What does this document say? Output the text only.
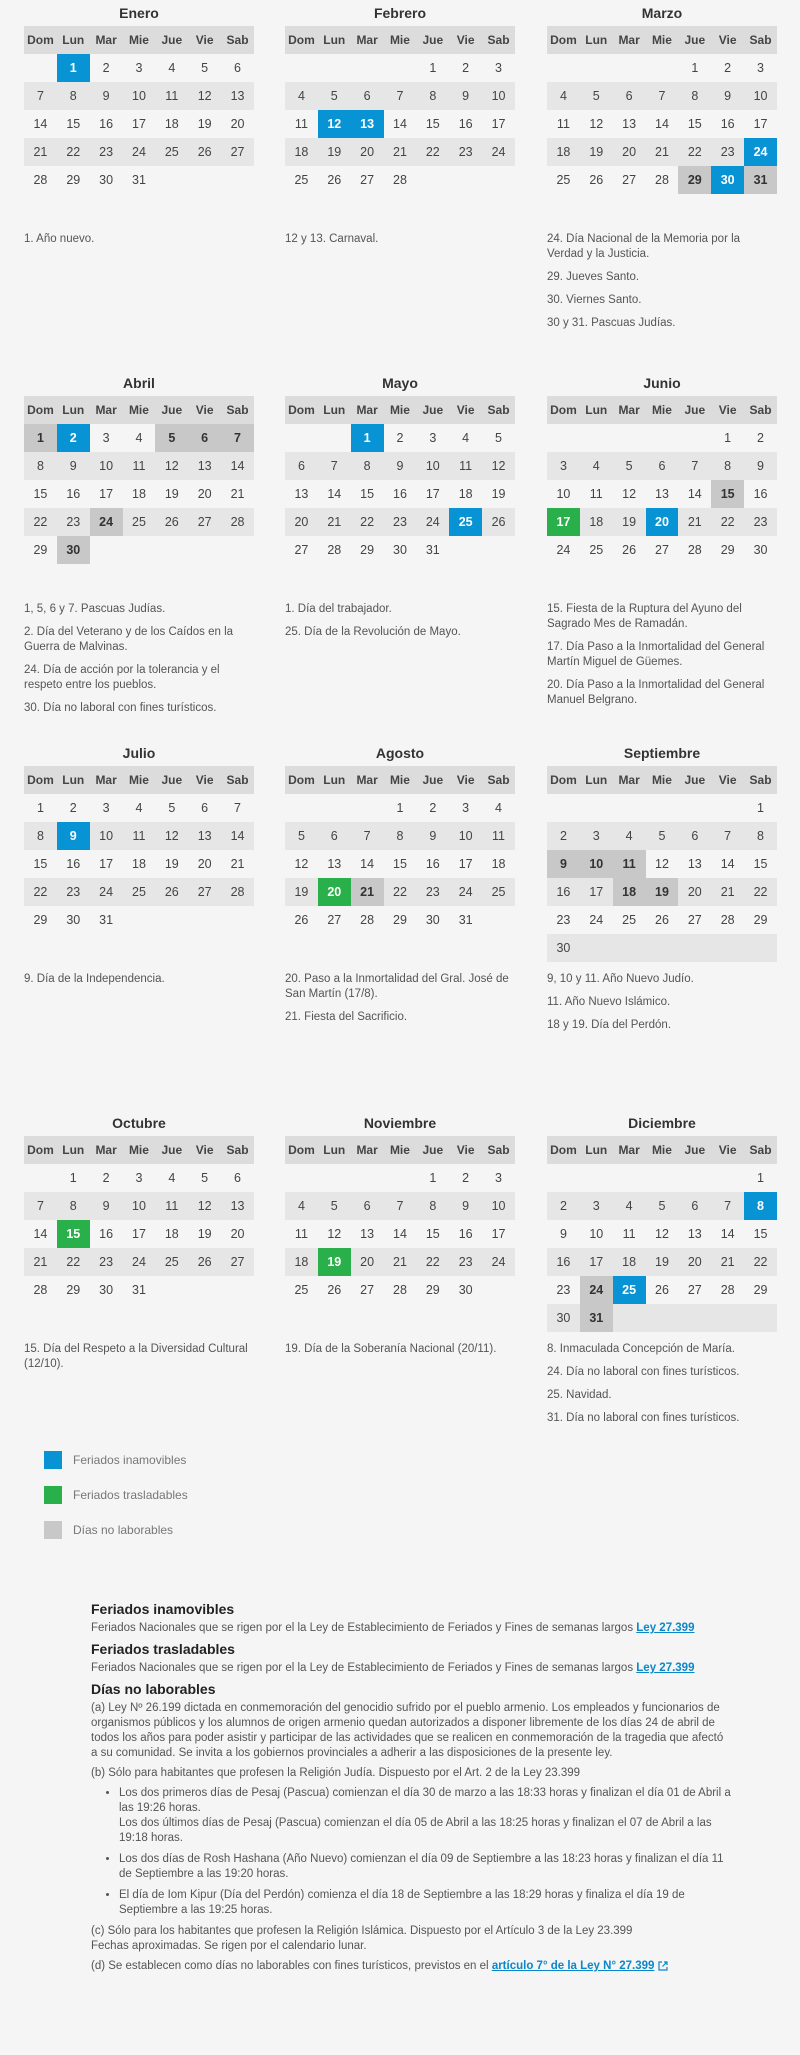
Enero
Dom	Lun	Mar	Mie	Jue	Vie	Sab
	1	2	3	4	5	6
7	8	9	10	11	12	13
14	15	16	17	18	19	20
21	22	23	24	25	26	27
28	29	30	31			

1. Año nuevo.

Febrero
Dom	Lun	Mar	Mie	Jue	Vie	Sab
				1	2	3
4	5	6	7	8	9	10
11	12	13	14	15	16	17
18	19	20	21	22	23	24
25	26	27	28			

12 y 13. Carnaval.

Marzo
Dom	Lun	Mar	Mie	Jue	Vie	Sab
				1	2	3
4	5	6	7	8	9	10
11	12	13	14	15	16	17
18	19	20	21	22	23	24
25	26	27	28	29	30	31

24. Día Nacional de la Memoria por la Verdad y la Justicia.

29. Jueves Santo.

30. Viernes Santo.

30 y 31. Pascuas Judías.

Abril
Dom	Lun	Mar	Mie	Jue	Vie	Sab
1	2	3	4	5	6	7
8	9	10	11	12	13	14
15	16	17	18	19	20	21
22	23	24	25	26	27	28
29	30					

1, 5, 6 y 7. Pascuas Judías.

2. Día del Veterano y de los Caídos en la Guerra de Malvinas.

24. Día de acción por la tolerancia y el respeto entre los pueblos.

30. Día no laboral con fines turísticos.

Mayo
Dom	Lun	Mar	Mie	Jue	Vie	Sab
		1	2	3	4	5
6	7	8	9	10	11	12
13	14	15	16	17	18	19
20	21	22	23	24	25	26
27	28	29	30	31		

1. Día del trabajador.

25. Día de la Revolución de Mayo.

Junio
Dom	Lun	Mar	Mie	Jue	Vie	Sab
					1	2
3	4	5	6	7	8	9
10	11	12	13	14	15	16
17	18	19	20	21	22	23
24	25	26	27	28	29	30

15. Fiesta de la Ruptura del Ayuno del Sagrado Mes de Ramadán.

17. Día Paso a la Inmortalidad del General Martín Miguel de Güemes.

20. Día Paso a la Inmortalidad del General Manuel Belgrano.

Julio
Dom	Lun	Mar	Mie	Jue	Vie	Sab
1	2	3	4	5	6	7
8	9	10	11	12	13	14
15	16	17	18	19	20	21
22	23	24	25	26	27	28
29	30	31				

9. Día de la Independencia.

Agosto
Dom	Lun	Mar	Mie	Jue	Vie	Sab
			1	2	3	4
5	6	7	8	9	10	11
12	13	14	15	16	17	18
19	20	21	22	23	24	25
26	27	28	29	30	31	

20. Paso a la Inmortalidad del Gral. José de San Martín (17/8).

21. Fiesta del Sacrificio.

Septiembre
Dom	Lun	Mar	Mie	Jue	Vie	Sab
						1
2	3	4	5	6	7	8
9	10	11	12	13	14	15
16	17	18	19	20	21	22
23	24	25	26	27	28	29
30						

9, 10 y 11. Año Nuevo Judío.

11. Año Nuevo Islámico.

18 y 19. Día del Perdón.

Octubre
Dom	Lun	Mar	Mie	Jue	Vie	Sab
	1	2	3	4	5	6
7	8	9	10	11	12	13
14	15	16	17	18	19	20
21	22	23	24	25	26	27
28	29	30	31			

15. Día del Respeto a la Diversidad Cultural (12/10).

Noviembre
Dom	Lun	Mar	Mie	Jue	Vie	Sab
				1	2	3
4	5	6	7	8	9	10
11	12	13	14	15	16	17
18	19	20	21	22	23	24
25	26	27	28	29	30	

19. Día de la Soberanía Nacional (20/11).

Diciembre
Dom	Lun	Mar	Mie	Jue	Vie	Sab
						1
2	3	4	5	6	7	8
9	10	11	12	13	14	15
16	17	18	19	20	21	22
23	24	25	26	27	28	29
30	31					

8. Inmaculada Concepción de María.

24. Día no laboral con fines turísticos.

25. Navidad.

31. Día no laboral con fines turísticos.

Feriados inamovibles
Feriados trasladables
Días no laborables
Feriados inamovibles

Feriados Nacionales que se rigen por el la Ley de Establecimiento de Feriados y Fines de semanas largos Ley 27.399

Feriados trasladables

Feriados Nacionales que se rigen por el la Ley de Establecimiento de Feriados y Fines de semanas largos Ley 27.399

Días no laborables

(a) Ley Nº 26.199 dictada en conmemoración del genocidio sufrido por el pueblo armenio. Los empleados y funcionarios de organismos públicos y los alumnos de origen armenio quedan autorizados a disponer libremente de los días 24 de abril de todos los años para poder asistir y participar de las actividades que se realicen en conmemoración de la tragedia que afectó a su comunidad. Se invita a los gobiernos provinciales a adherir a las disposiciones de la presente ley.

(b) Sólo para habitantes que profesen la Religión Judía. Dispuesto por el Art. 2 de la Ley 23.399

• Los dos primeros días de Pesaj (Pascua) comienzan el día 30 de marzo a las 18:33 horas y finalizan el día 01 de Abril a las 19:26 horas.
Los dos últimos días de Pesaj (Pascua) comienzan el día 05 de Abril a las 18:25 horas y finalizan el 07 de Abril a las 19:18 horas.
• Los dos días de Rosh Hashana (Año Nuevo) comienzan el día 09 de Septiembre a las 18:23 horas y finalizan el día 11 de Septiembre a las 19:20 horas.
• El día de Iom Kipur (Día del Perdón) comienza el día 18 de Septiembre a las 18:29 horas y finaliza el día 19 de Septiembre a las 19:25 horas.

(c) Sólo para los habitantes que profesen la Religión Islámica. Dispuesto por el Artículo 3 de la Ley 23.399
Fechas aproximadas. Se rigen por el calendario lunar.

(d) Se establecen como días no laborables con fines turísticos, previstos en el artículo 7° de la Ley N° 27.399
